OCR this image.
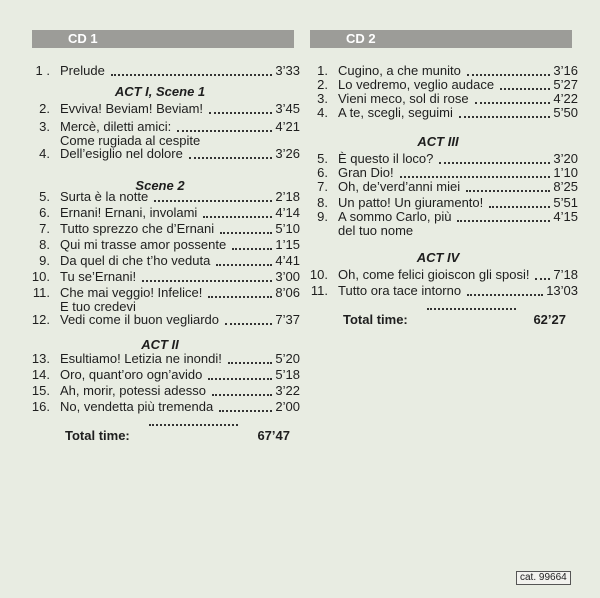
CD 1	CD 2
ACT I, Scene 1
Scene 2
ACT II
Total time:	67’47
1 . Prelude	3’33
2. Evviva! Beviam! Beviam!	3’45
3. Mercè, diletti amici:
Come rugiada al cespite
4’21
4. Dell’esiglio nel dolore	3’26
5. Surta è la notte	2’18
6. Ernani! Ernani, involami	4’14
7. Tutto sprezzo che d’Ernani	5’10
8. Qui mi trasse amor possente	1’15
9. Da quel di che t’ho veduta	4’41
10. Tu se’Ernani!	3’00
11. Che mai veggio! Infelice!
E tuo credevi
8’06
12. Vedi come il buon vegliardo	7’37
13. Esultiamo! Letizia ne inondi!	5’20
14. Oro, quant’oro ogn’avido	5’18
15. Ah, morir, potessi adesso	3’22
16. No, vendetta più tremenda	2’00
ACT III
ACT IV
Total time:	62’27
1. Cugino, a che munito	3’16
2. Lo vedremo, veglio audace	5’27
3. Vieni meco, sol di rose	4’22
4. A te, scegli, seguimi	5’50
5. È questo il loco?	3’20
6. Gran Dio!	1’10
7. Oh, de’verd’anni miei	8’25
8. Un patto! Un giuramento!	5’51
9. A sommo Carlo, più
del tuo nome
4’15
10. Oh, come felici gioiscon gli sposi! 7’18
11. Tutto ora tace intorno	13’03
cat. 99664
